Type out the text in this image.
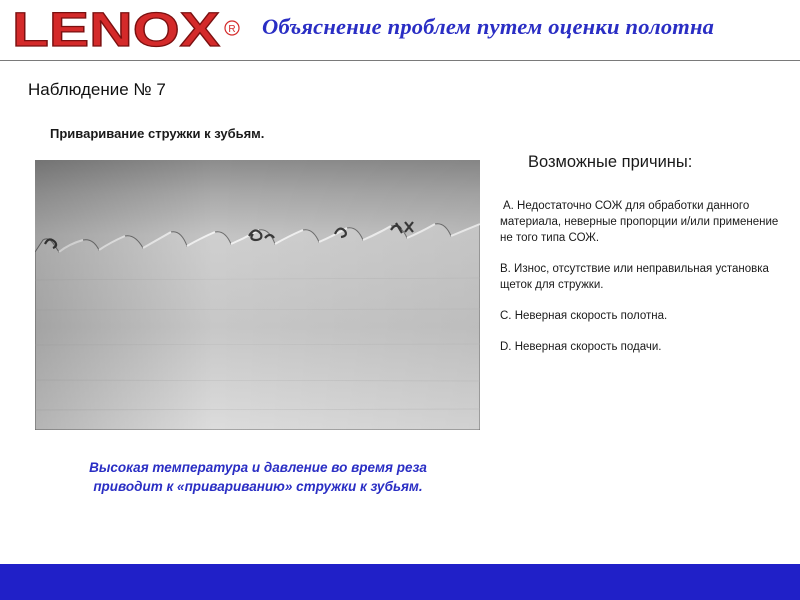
LENOX R Объяснение проблем путем оценки полотна
Наблюдение № 7
Приваривание стружки к зубьям.
Высокая температура и давление во время реза
приводит к «привариванию» стружки к зубьям.
Возможные причины:
A. Недостаточно СОЖ для обработки данного материала, неверные пропорции и/или применение не того типа СОЖ.
B. Износ, отсутствие или неправильная установка щеток для стружки.
C. Неверная скорость полотна.
D. Неверная скорость подачи.
